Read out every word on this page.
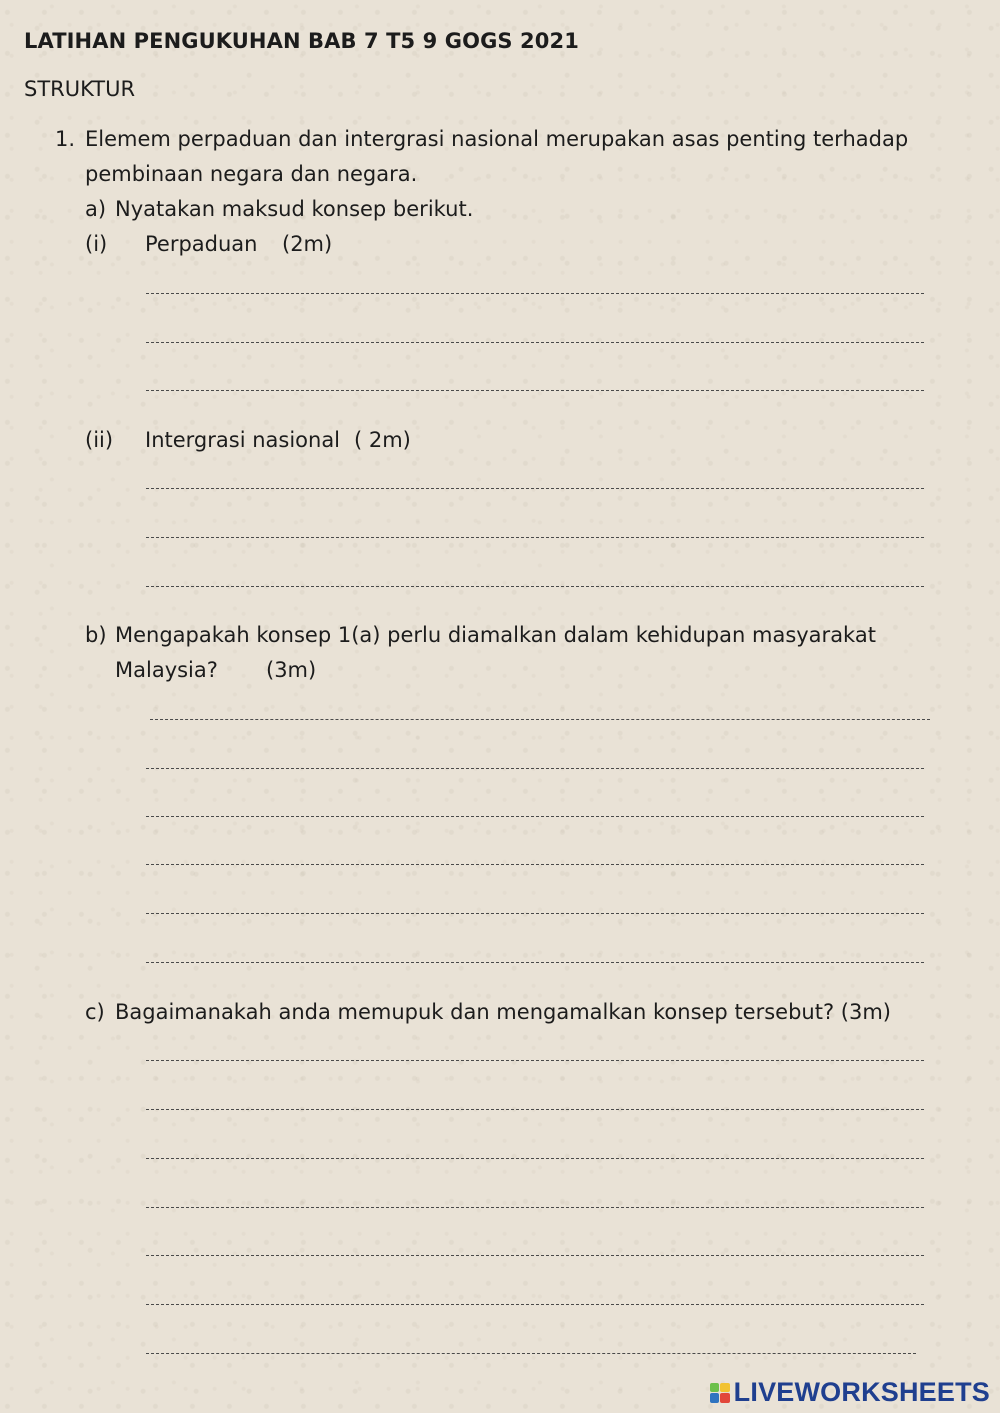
LATIHAN PENGUKUHAN BAB 7 T5 9 GOGS 2021
STRUKTUR
1. Elemem perpaduan dan intergrasi nasional merupakan asas penting terhadap
pembinaan negara dan negara.
a) Nyatakan maksud konsep berikut.
(i) Perpaduan (2m)
(ii) Intergrasi nasional ( 2m)
b) Mengapakah konsep 1(a) perlu diamalkan dalam kehidupan masyarakat
Malaysia? (3m)
c) Bagaimanakah anda memupuk dan mengamalkan konsep tersebut? (3m)
LIVEWORKSHEETS
